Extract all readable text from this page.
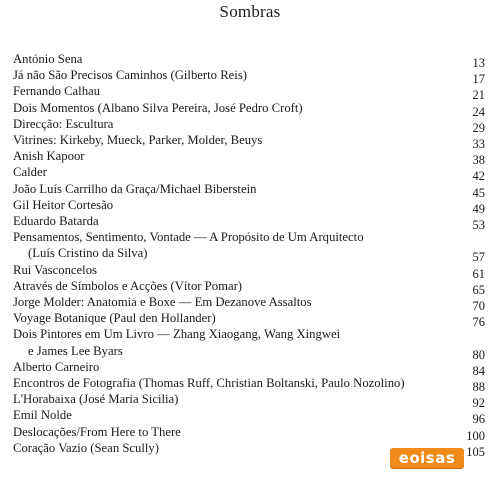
Sombras
António Sena	13
Já não São Precisos Caminhos (Gilberto Reis)	17
Fernando Calhau	21
Dois Momentos (Albano Silva Pereira, José Pedro Croft)	24
Direcção: Escultura	29
Vitrines: Kirkeby, Mueck, Parker, Molder, Beuys	33
Anish Kapoor	38
Calder	42
João Luís Carrilho da Graça/Michael Biberstein	45
Gil Heitor Cortesão	49
Eduardo Batarda	53
Pensamentos, Sentimento, Vontade — A Propósito de Um Arquitecto
(Luís Cristino da Silva)	57
Rui Vasconcelos	61
Através de Símbolos e Acções (Vítor Pomar)	65
Jorge Molder: Anatomia e Boxe — Em Dezanove Assaltos	70
Voyage Botanique (Paul den Hollander)	76
Dois Pintores em Um Livro — Zhang Xiaogang, Wang Xingwei
e James Lee Byars	80
Alberto Carneiro	84
Encontros de Fotografia (Thomas Ruff, Christian Boltanski, Paulo Nozolino)	88
L'Horabaixa (José Maria Sicilia)	92
Emil Nolde	96
Deslocações/From Here to There	100
Coração Vazio (Sean Scully)	105
eoisas
